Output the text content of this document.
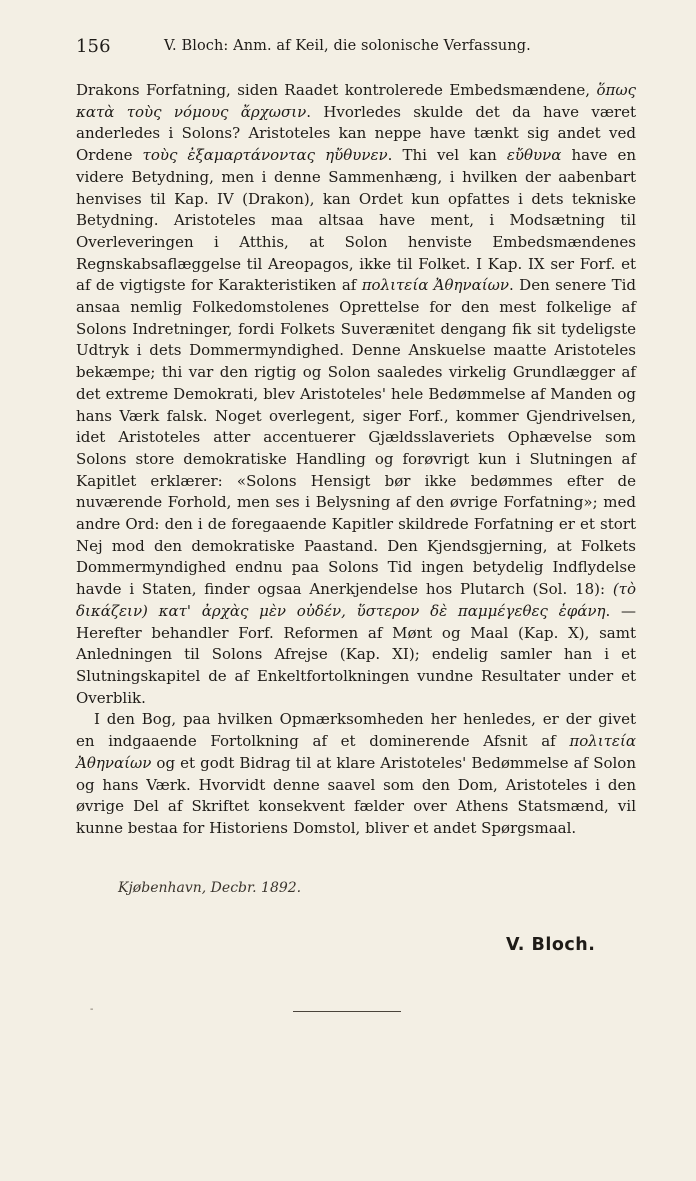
156	V. Bloch: Anm. af Keil, die solonische Verfassung.

Drakons Forfatning, siden Raadet kontrolerede Embedsmændene, ὅπως κατὰ τοὺς νόμους ἄρχωσιν. Hvorledes skulde det da have været anderledes i Solons? Aristoteles kan neppe have tænkt sig andet ved Ordene τοὺς ἐξαμαρτάνοντας ηὔθυνεν. Thi vel kan εὔθυνα have en videre Betydning, men i denne Sammenhæng, i hvilken der aabenbart henvises til Kap. IV (Drakon), kan Ordet kun opfattes i dets tekniske Betydning. Aristoteles maa altsaa have ment, i Modsætning til Overleveringen i Atthis, at Solon henviste Embedsmændenes Regnskabsaflæggelse til Areopagos, ikke til Folket. I Kap. IX ser Forf. et af de vigtigste for Karakteristiken af πολιτεία Ἀθηναίων. Den senere Tid ansaa nemlig Folkedomstolenes Oprettelse for den mest folkelige af Solons Indretninger, fordi Folkets Suverænitet dengang fik sit tydeligste Udtryk i dets Dommermyndighed. Denne Anskuelse maatte Aristoteles bekæmpe; thi var den rigtig og Solon saaledes virkelig Grundlægger af det extreme Demokrati, blev Aristoteles' hele Bedømmelse af Manden og hans Værk falsk. Noget overlegent, siger Forf., kommer Gjendrivelsen, idet Aristoteles atter accentuerer Gjældsslaveriets Ophævelse som Solons store demokratiske Handling og forøvrigt kun i Slutningen af Kapitlet erklærer: «Solons Hensigt bør ikke bedømmes efter de nuværende Forhold, men ses i Belysning af den øvrige Forfatning»; med andre Ord: den i de foregaaende Kapitler skildrede Forfatning er et stort Nej mod den demokratiske Paastand. Den Kjendsgjerning, at Folkets Dommermyndighed endnu paa Solons Tid ingen betydelig Indflydelse havde i Staten, finder ogsaa Anerkjendelse hos Plutarch (Sol. 18): (τὸ δικάζειν) κατ' ἀρχὰς μὲν οὐδέν, ὕστερον δὲ παμμέγεθες ἐφάνη. — Herefter behandler Forf. Reformen af Mønt og Maal (Kap. X), samt Anledningen til Solons Afrejse (Kap. XI); endelig samler han i et Slutningskapitel de af Enkeltfortolkningen vundne Resultater under et Overblik.

I den Bog, paa hvilken Opmærksomheden her henledes, er der givet en indgaaende Fortolkning af et dominerende Afsnit af πολιτεία Ἀθηναίων og et godt Bidrag til at klare Aristoteles' Bedømmelse af Solon og hans Værk. Hvorvidt denne saavel som den Dom, Aristoteles i den øvrige Del af Skriftet konsekvent fælder over Athens Statsmænd, vil kunne bestaa for Historiens Domstol, bliver et andet Spørgsmaal.

Kjøbenhavn, Decbr. 1892.
V. Bloch.
-
